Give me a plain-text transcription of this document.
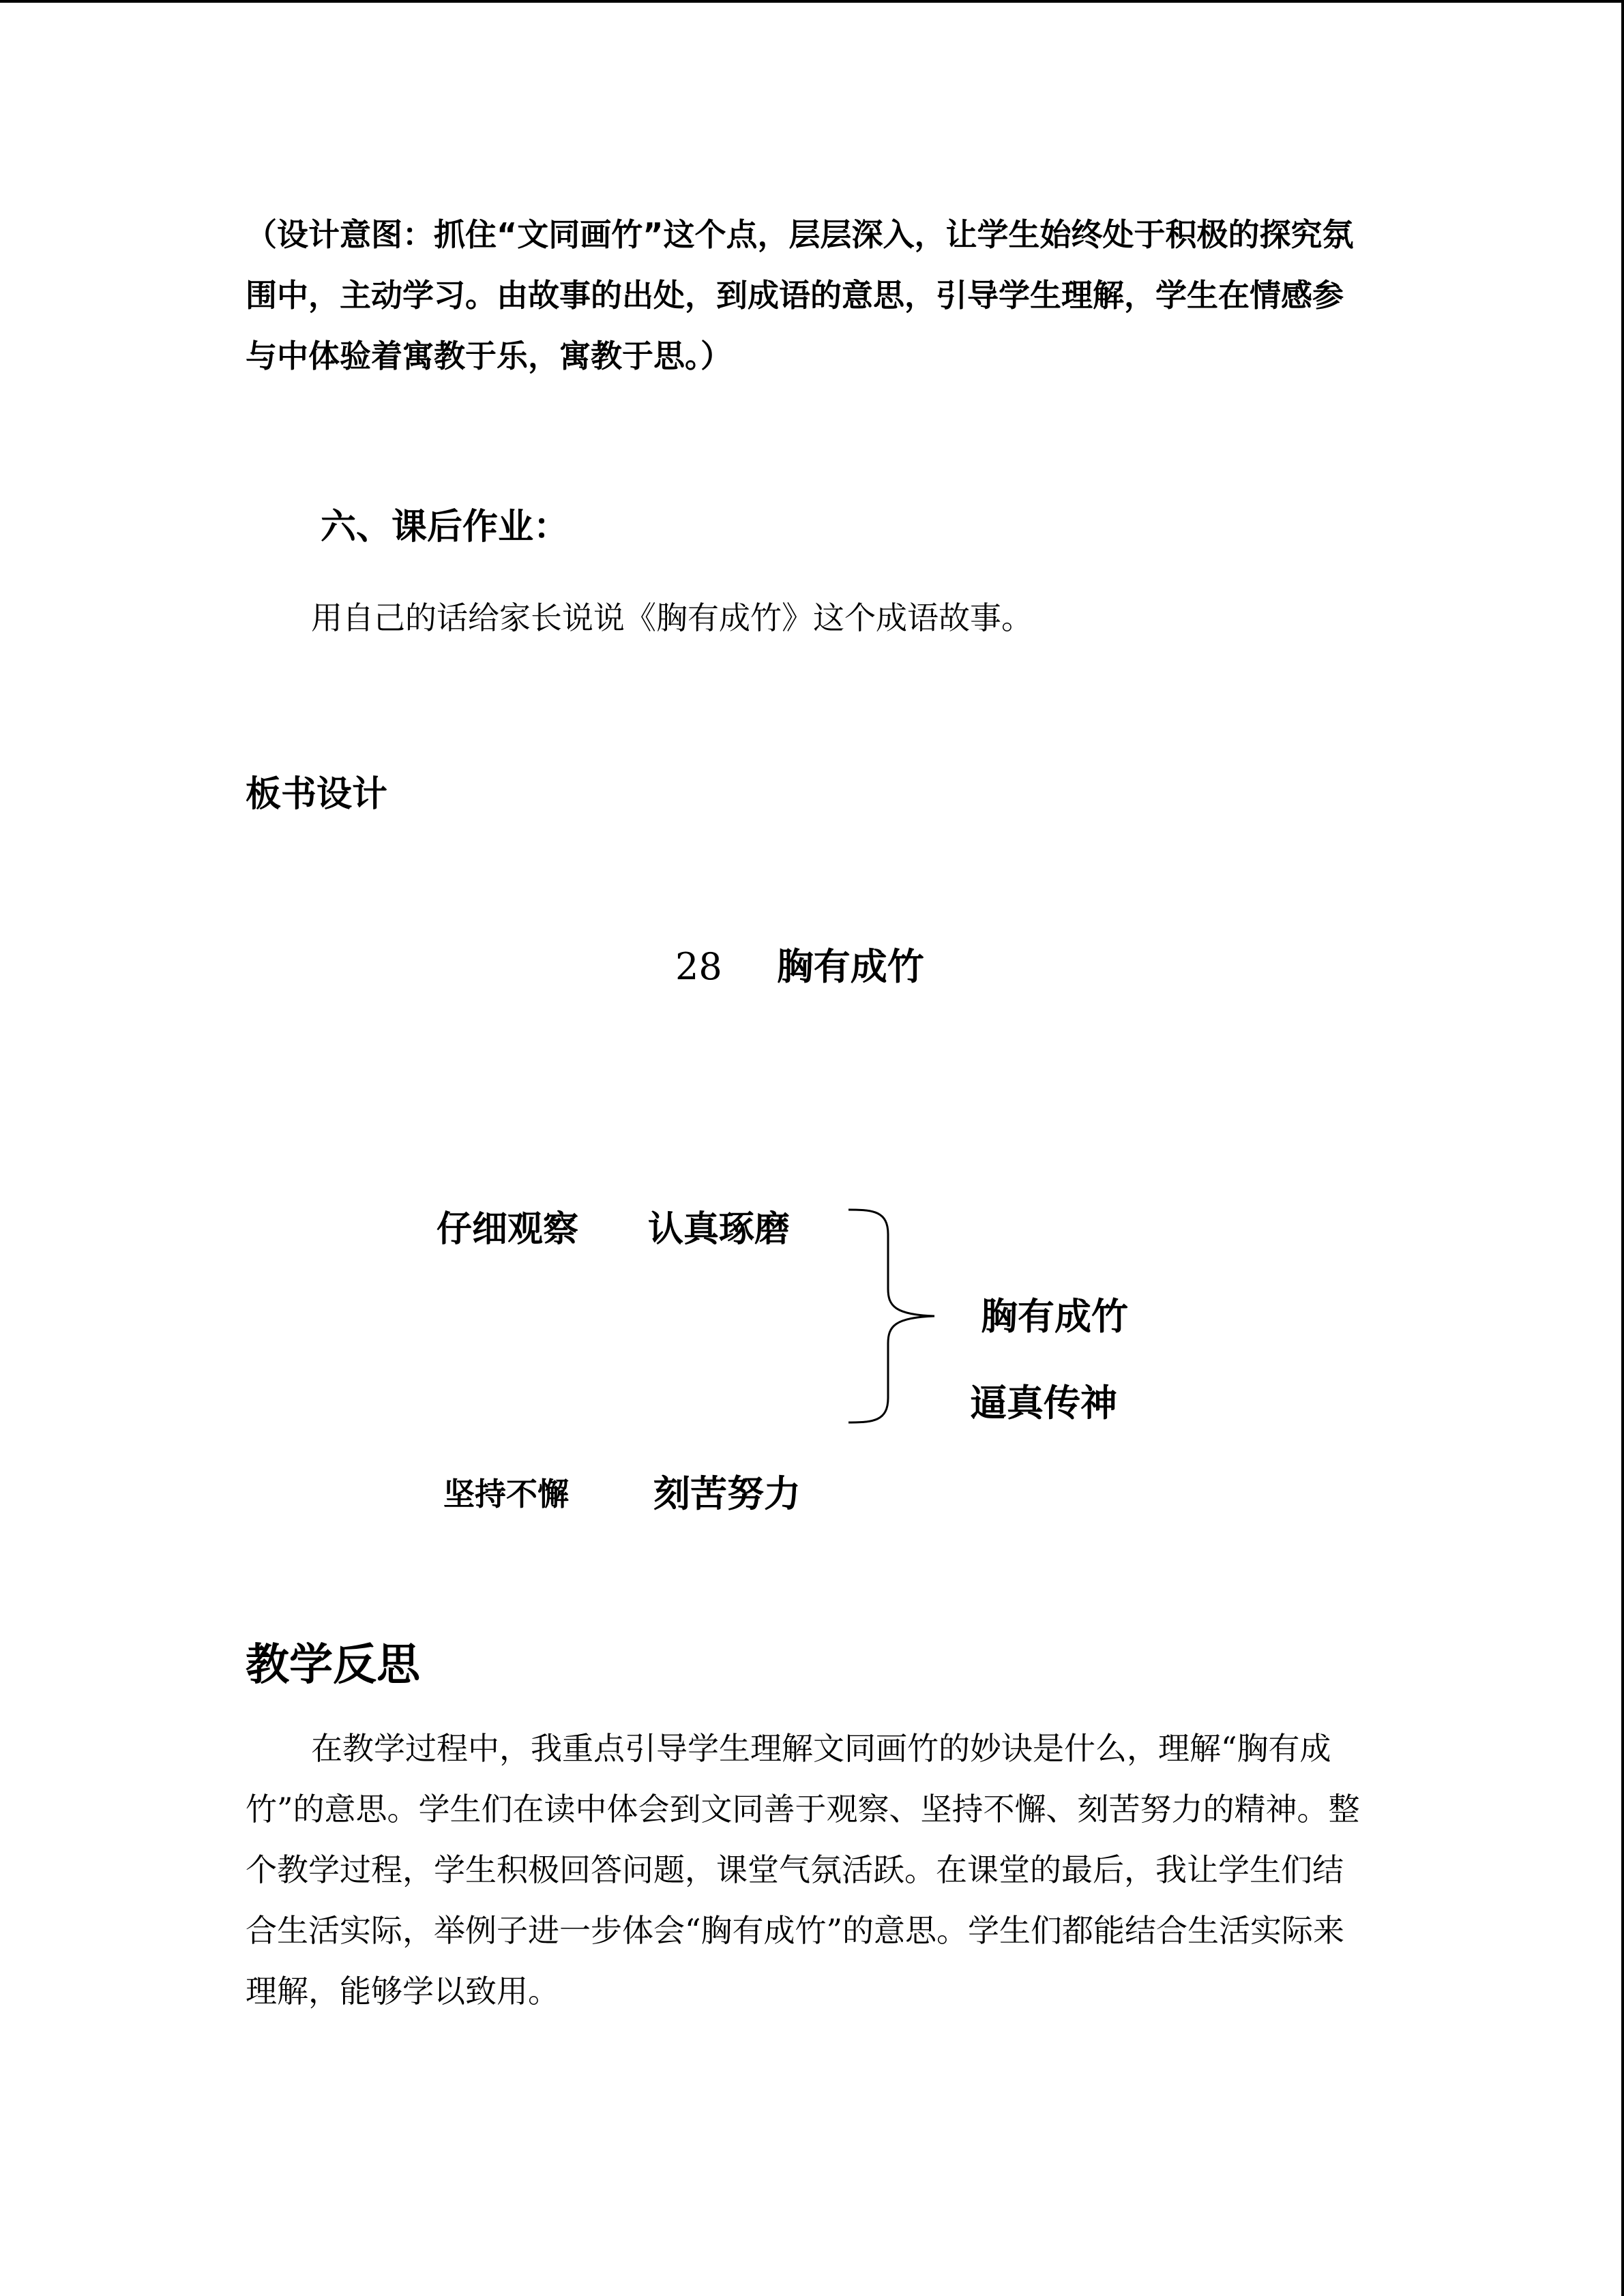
（设计意图：抓住“文同画竹”这个点，层层深入，让学生始终处于积极的探究氛围中，主动学习。由故事的出处，到成语的意思，引导学生理解，学生在情感参与中体验着寓教于乐，寓教于思。）

六、课后作业：

用自己的话给家长说说《胸有成竹》这个成语故事。

板书设计
28 胸有成竹
仔细观察 认真琢磨
胸有成竹
逼真传神
坚持不懈 刻苦努力
教学反思

在教学过程中，我重点引导学生理解文同画竹的妙诀是什么，理解“胸有成竹”的意思。学生们在读中体会到文同善于观察、坚持不懈、刻苦努力的精神。整个教学过程，学生积极回答问题，课堂气氛活跃。在课堂的最后，我让学生们结合生活实际，举例子进一步体会“胸有成竹”的意思。学生们都能结合生活实际来理解，能够学以致用。
